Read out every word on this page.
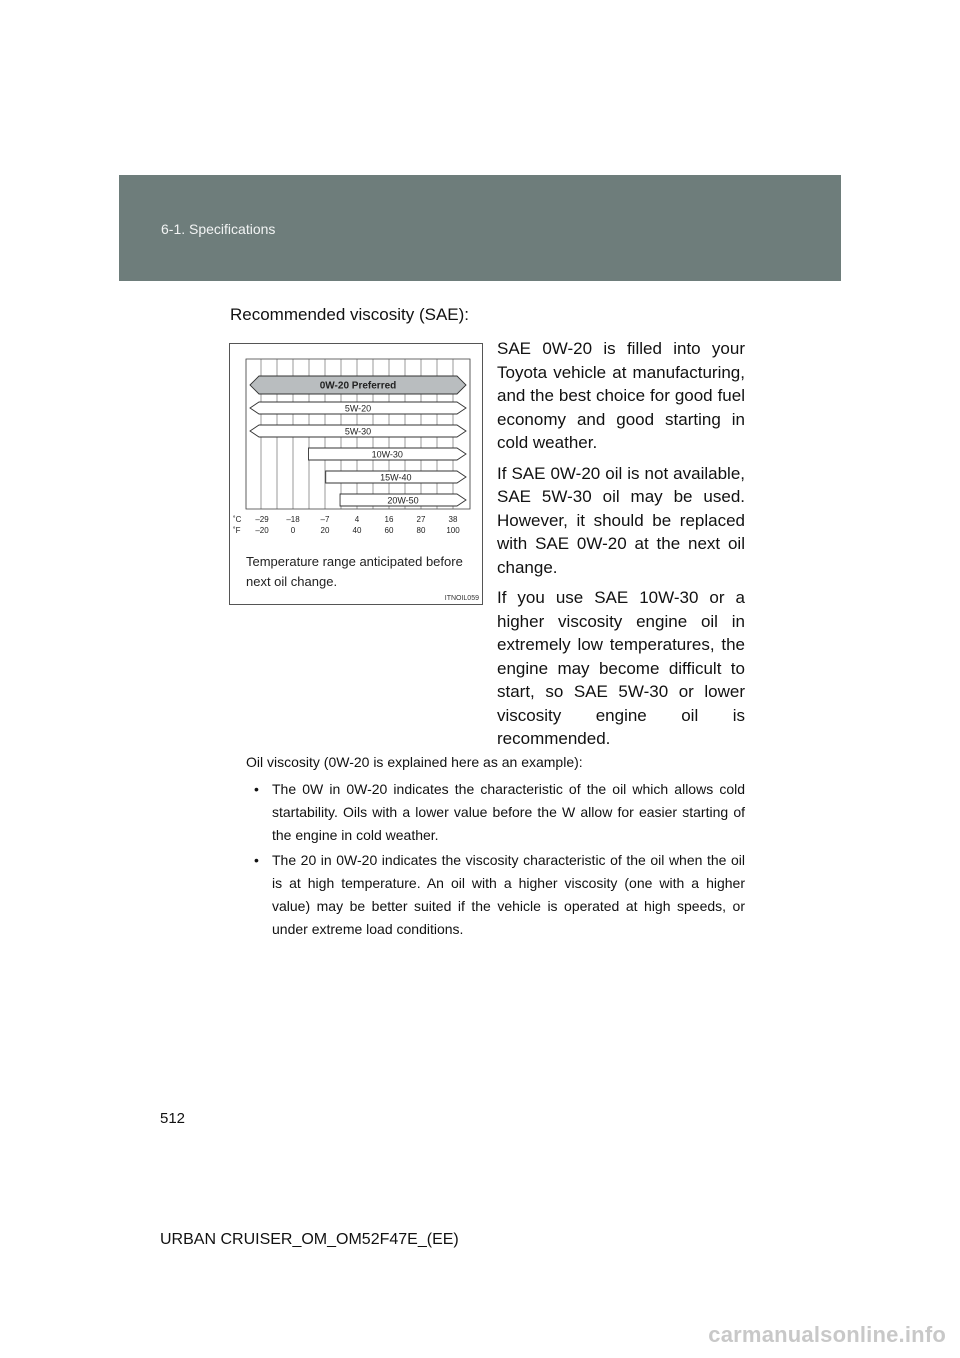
6-1. Specifications
Recommended viscosity (SAE):
0W-20 Preferred
5W-20
5W-30
10W-30
15W-40
20W-50
˚C
˚F
–29 –18	–7	4	16	27	38
–20	0	20	40	60	80	100
Temperature range anticipated before next oil change.
ITNOIL059

SAE 0W-20 is filled into your Toyota vehicle at manufacturing, and the best choice for good fuel economy and good starting in cold weather.

If SAE 0W-20 oil is not available, SAE 5W-30 oil may be used. However, it should be replaced with SAE 0W-20 at the next oil change.

If you use SAE 10W-30 or a higher viscosity engine oil in extremely low temperatures, the engine may become difficult to start, so SAE 5W-30 or lower viscosity engine oil is recommended.

Oil viscosity (0W-20 is explained here as an example):

• The 0W in 0W-20 indicates the characteristic of the oil which allows cold startability. Oils with a lower value before the W allow for easier starting of the engine in cold weather.

• The 20 in 0W-20 indicates the viscosity characteristic of the oil when the oil is at high temperature. An oil with a higher viscosity (one with a higher value) may be better suited if the vehicle is operated at high speeds, or under extreme load conditions.

512
URBAN CRUISER_OM_OM52F47E_(EE)
carmanualsonline.info
